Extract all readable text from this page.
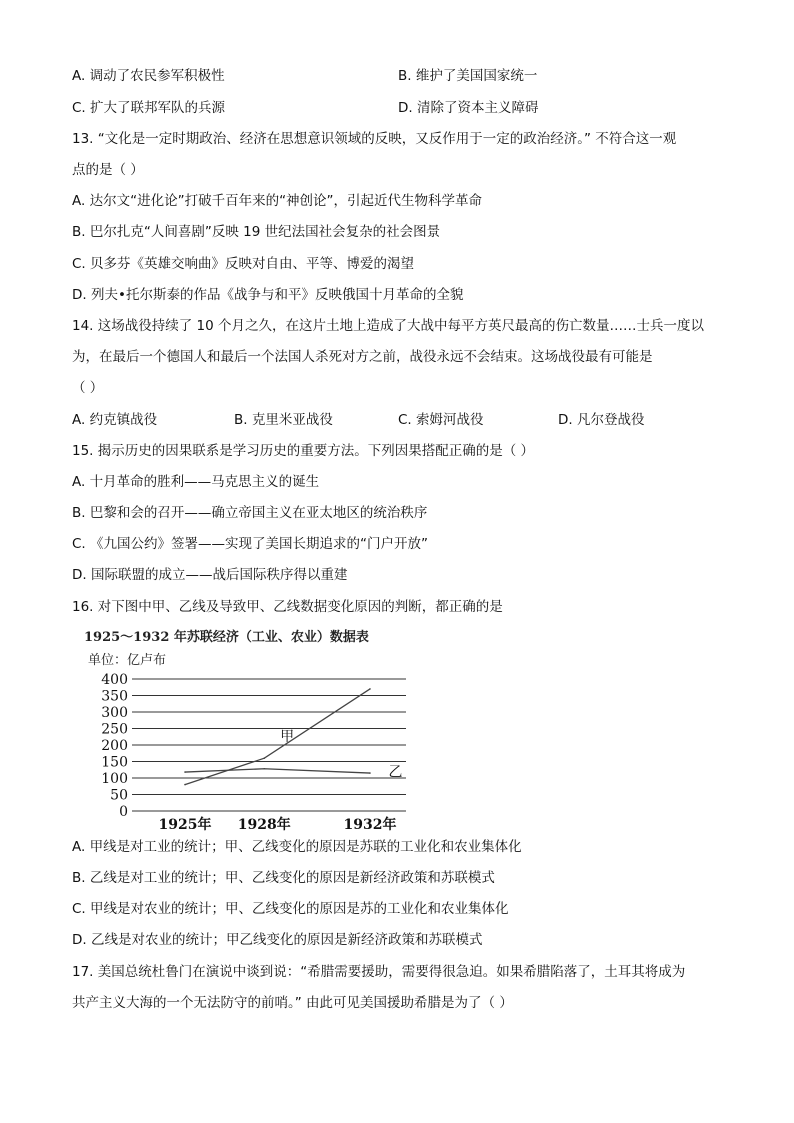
A. 调动了农民参军积极性	B. 维护了美国国家统一
C. 扩大了联邦军队的兵源	D. 清除了资本主义障碍
13. “文化是一定时期政治、经济在思想意识领域的反映，又反作用于一定的政治经济。” 不符合这一观
点的是（ ）
A. 达尔文“进化论”打破千百年来的“神创论”，引起近代生物科学革命
B. 巴尔扎克“人间喜剧”反映 19 世纪法国社会复杂的社会图景
C. 贝多芬《英雄交响曲》反映对自由、平等、博爱的渴望
D. 列夫•托尔斯泰的作品《战争与和平》反映俄国十月革命的全貌
14. 这场战役持续了 10 个月之久，在这片土地上造成了大战中每平方英尺最高的伤亡数量……士兵一度以
为，在最后一个德国人和最后一个法国人杀死对方之前，战役永远不会结束。这场战役最有可能是
（ ）
A. 约克镇战役	B. 克里米亚战役	C. 索姆河战役	D. 凡尔登战役
15. 揭示历史的因果联系是学习历史的重要方法。下列因果搭配正确的是（ ）
A. 十月革命的胜利——马克思主义的诞生
B. 巴黎和会的召开——确立帝国主义在亚太地区的统治秩序
C. 《九国公约》签署——实现了美国长期追求的“门户开放”
D. 国际联盟的成立——战后国际秩序得以重建
16. 对下图中甲、乙线及导致甲、乙线数据变化原因的判断，都正确的是
1925～1932 年苏联经济（工业、农业）数据表
单位：亿卢布
0
50
100
150
200
250
300
350
400
甲
乙
1925年 1928年	1932年
A. 甲线是对工业的统计；甲、乙线变化的原因是苏联的工业化和农业集体化
B. 乙线是对工业的统计；甲、乙线变化的原因是新经济政策和苏联模式
C. 甲线是对农业的统计；甲、乙线变化的原因是苏的工业化和农业集体化
D. 乙线是对农业的统计；甲乙线变化的原因是新经济政策和苏联模式
17. 美国总统杜鲁门在演说中谈到说：“希腊需要援助，需要得很急迫。如果希腊陷落了，土耳其将成为
共产主义大海的一个无法防守的前哨。” 由此可见美国援助希腊是为了（ ）
